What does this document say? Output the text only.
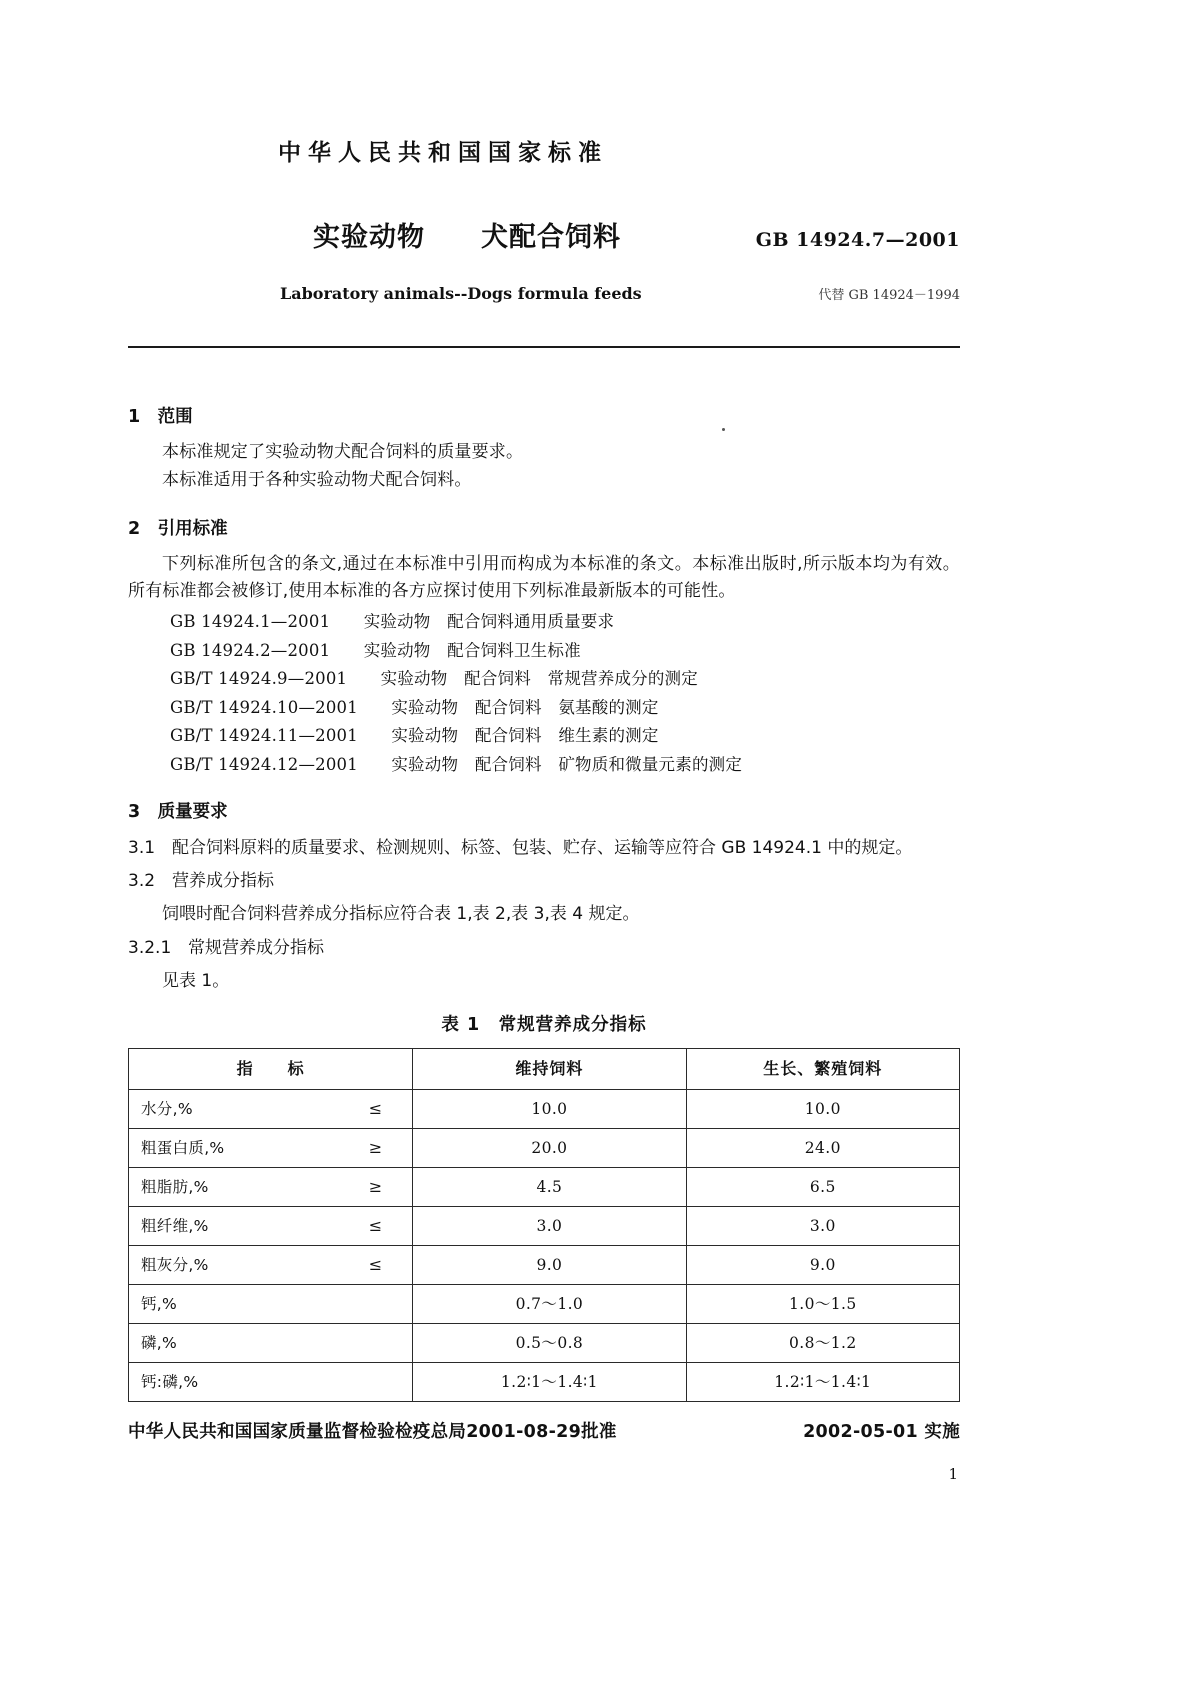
中华人民共和国国家标准
实验动物　　犬配合饲料	GB 14924.7—2001
Laboratory animals--Dogs formula feeds	代替 GB 14924－1994
1　范围
本标准规定了实验动物犬配合饲料的质量要求。
本标准适用于各种实验动物犬配合饲料。
2　引用标准
下列标准所包含的条文,通过在本标准中引用而构成为本标准的条文。本标准出版时,所示版本均为有效。所有标准都会被修订,使用本标准的各方应探讨使用下列标准最新版本的可能性。
GB 14924.1—2001　　 实验动物　配合饲料通用质量要求
GB 14924.2—2001　　 实验动物　配合饲料卫生标准
GB/T 14924.9—2001　　 实验动物　配合饲料　常规营养成分的测定
GB/T 14924.10—2001　　 实验动物　配合饲料　氨基酸的测定
GB/T 14924.11—2001　　 实验动物　配合饲料　维生素的测定
GB/T 14924.12—2001　　 实验动物　配合饲料　矿物质和微量元素的测定
3　质量要求
3.1 配合饲料原料的质量要求、检测规则、标签、包装、贮存、运输等应符合 GB 14924.1 中的规定。
3.2 营养成分指标
饲喂时配合饲料营养成分指标应符合表 1,表 2,表 3,表 4 规定。
3.2.1 常规营养成分指标
见表 1。
表 1　常规营养成分指标
指　　标	维持饲料	生长、繁殖饲料

水分,% ≤	10.0	10.0

粗蛋白质,% ≥	20.0	24.0

粗脂肪,% ≥	4.5	6.5

粗纤维,% ≤	3.0	3.0

粗灰分,% ≤	9.0	9.0

钙,%	0.7～1.0	1.0～1.5

磷,%	0.5～0.8	0.8～1.2

钙:磷,%	1.2∶1～1.4∶1	1.2∶1～1.4∶1
中华人民共和国国家质量监督检验检疫总局2001-08-29批准	2002-05-01 实施
1
